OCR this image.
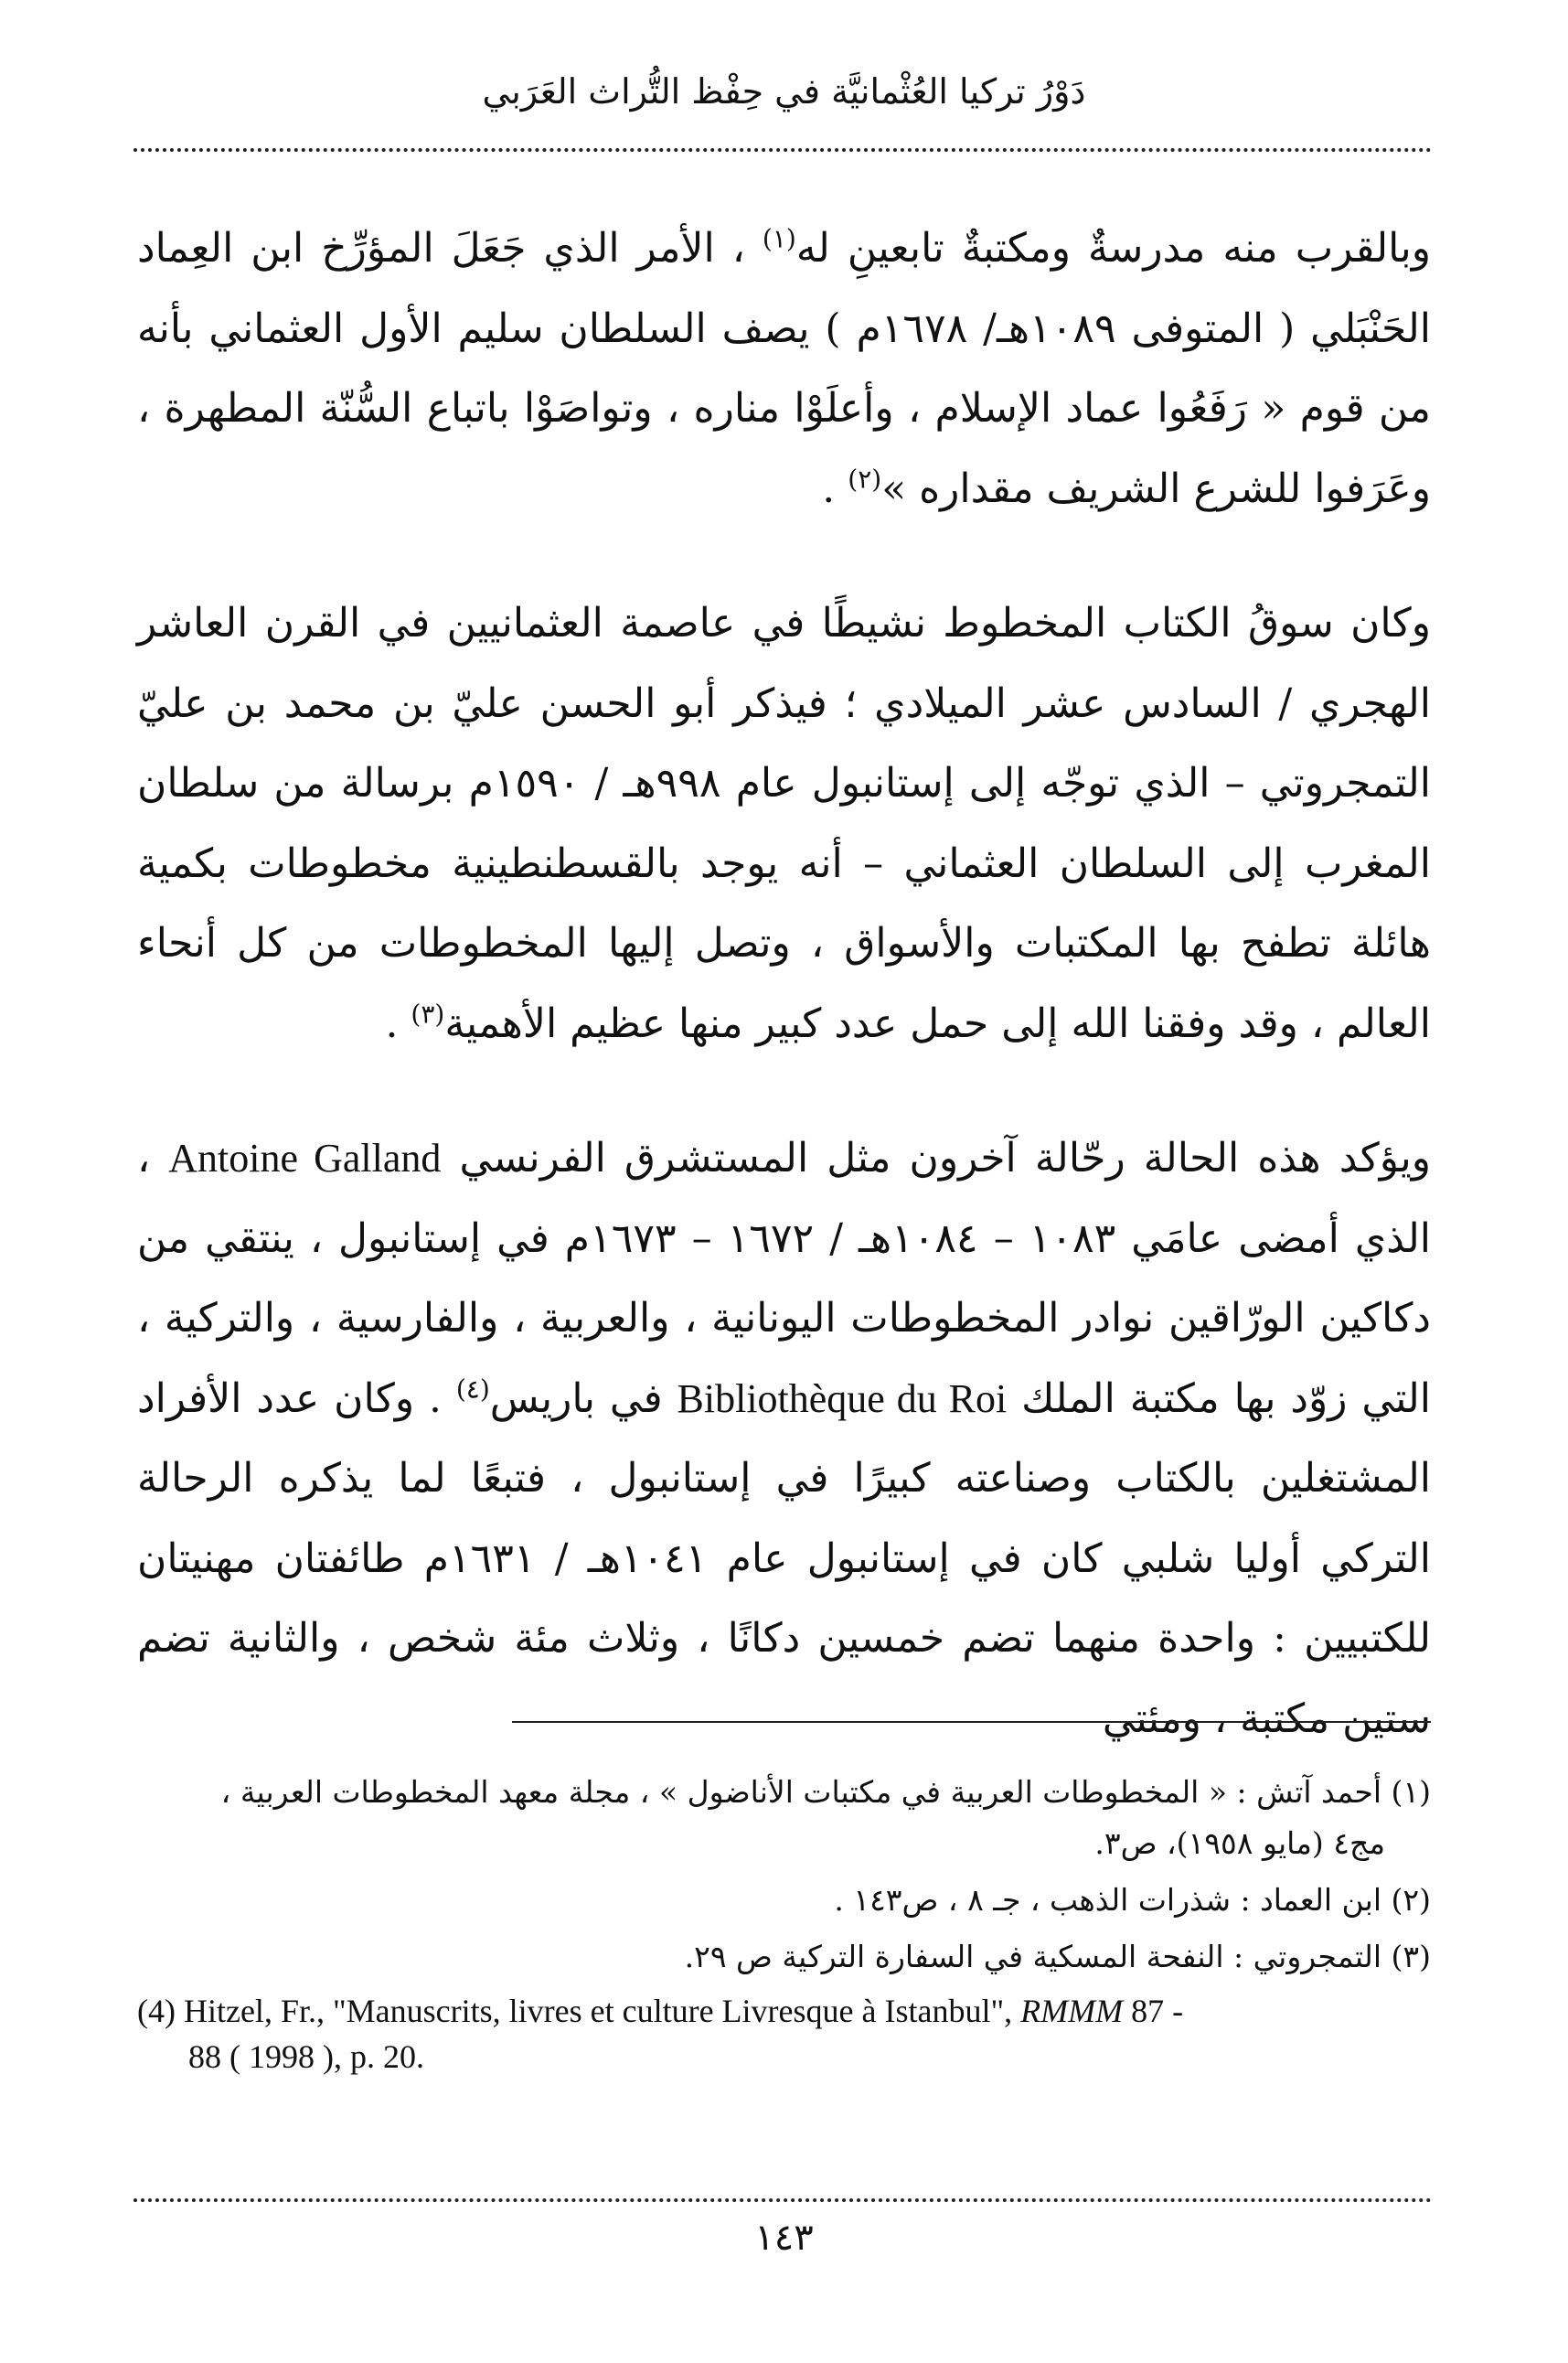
دَوْرُ تركيا العُثْمانيَّة في حِفْظ التُّراث العَرَبي

وبالقرب منه مدرسةٌ ومكتبةٌ تابعينِ له$^{(١)}$ ، الأمر الذي جَعَلَ المؤرِّخ ابن العِماد الحَنْبَلي ( المتوفى ١٠٨٩هـ/ ١٦٧٨م ) يصف السلطان سليم الأول العثماني بأنه من قوم « رَفَعُوا عماد الإسلام ، وأعلَوْا مناره ، وتواصَوْا باتباع السُّنّة المطهرة ، وعَرَفوا للشرع الشريف مقداره »$^{(٢)}$ .

وكان سوقُ الكتاب المخطوط نشيطًا في عاصمة العثمانيين في القرن العاشر الهجري / السادس عشر الميلادي ؛ فيذكر أبو الحسن عليّ بن محمد بن عليّ التمجروتي – الذي توجّه إلى إستانبول عام ٩٩٨هـ / ١٥٩٠م برسالة من سلطان المغرب إلى السلطان العثماني – أنه يوجد بالقسطنطينية مخطوطات بكمية هائلة تطفح بها المكتبات والأسواق ، وتصل إليها المخطوطات من كل أنحاء العالم ، وقد وفقنا الله إلى حمل عدد كبير منها عظيم الأهمية$^{(٣)}$ .

ويؤكد هذه الحالة رحّالة آخرون مثل المستشرق الفرنسي Antoine Galland ، الذي أمضى عامَي ١٠٨٣ – ١٠٨٤هـ / ١٦٧٢ – ١٦٧٣م في إستانبول ، ينتقي من دكاكين الورّاقين نوادر المخطوطات اليونانية ، والعربية ، والفارسية ، والتركية ، التي زوّد بها مكتبة الملك Bibliothèque du Roi في باريس$^{(٤)}$ . وكان عدد الأفراد المشتغلين بالكتاب وصناعته كبيرًا في إستانبول ، فتبعًا لما يذكره الرحالة التركي أوليا شلبي كان في إستانبول عام ١٠٤١هـ / ١٦٣١م طائفتان مهنيتان للكتبيين : واحدة منهما تضم خمسين دكانًا ، وثلاث مئة شخص ، والثانية تضم ستين مكتبة ، ومئتي

(١) أحمد آتش : « المخطوطات العربية في مكتبات الأناضول » ، مجلة معهد المخطوطات العربية ،
مج٤ (مايو ١٩٥٨)، ص٣.
(٢) ابن العماد : شذرات الذهب ، جـ ٨ ، ص١٤٣ .
(٣) التمجروتي : النفحة المسكية في السفارة التركية ص ٢٩.
(4) Hitzel, Fr., "Manuscrits, livres et culture Livresque à Istanbul", RMMM 87 -
88 ( 1998 ), p. 20.
١٤٣
